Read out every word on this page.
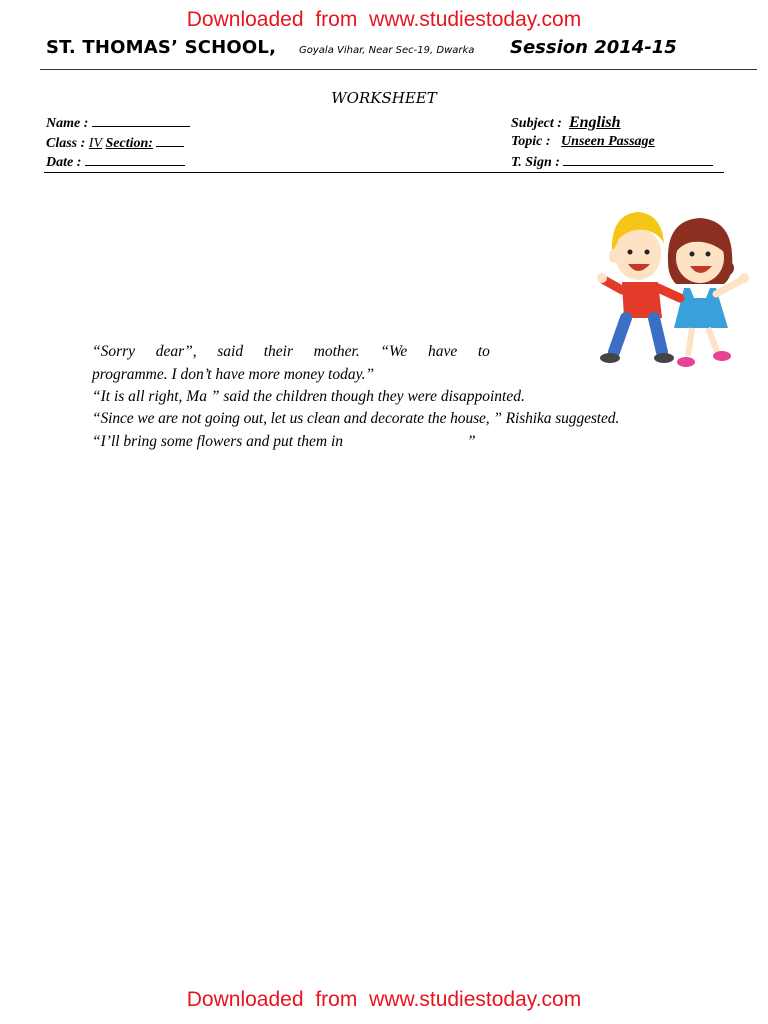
Downloaded from www.studiestoday.com
ST. THOMAS’ SCHOOL, Goyala Vihar, Near Sec-19, Dwarka Session 2014-15
WORKSHEET
Name :
Class : IV Section:
Date :
Subject : English
Topic : Unseen Passage
T. Sign :
“Sorry dear”, said their mother. “We have to
programme. I don’t have more money today.”
“It is all right, Ma ” said the children though they were disappointed.
“Since we are not going out, let us clean and decorate the house, ” Rishika suggested.
“I’ll bring some flowers and put them in	”
Downloaded from www.studiestoday.com
